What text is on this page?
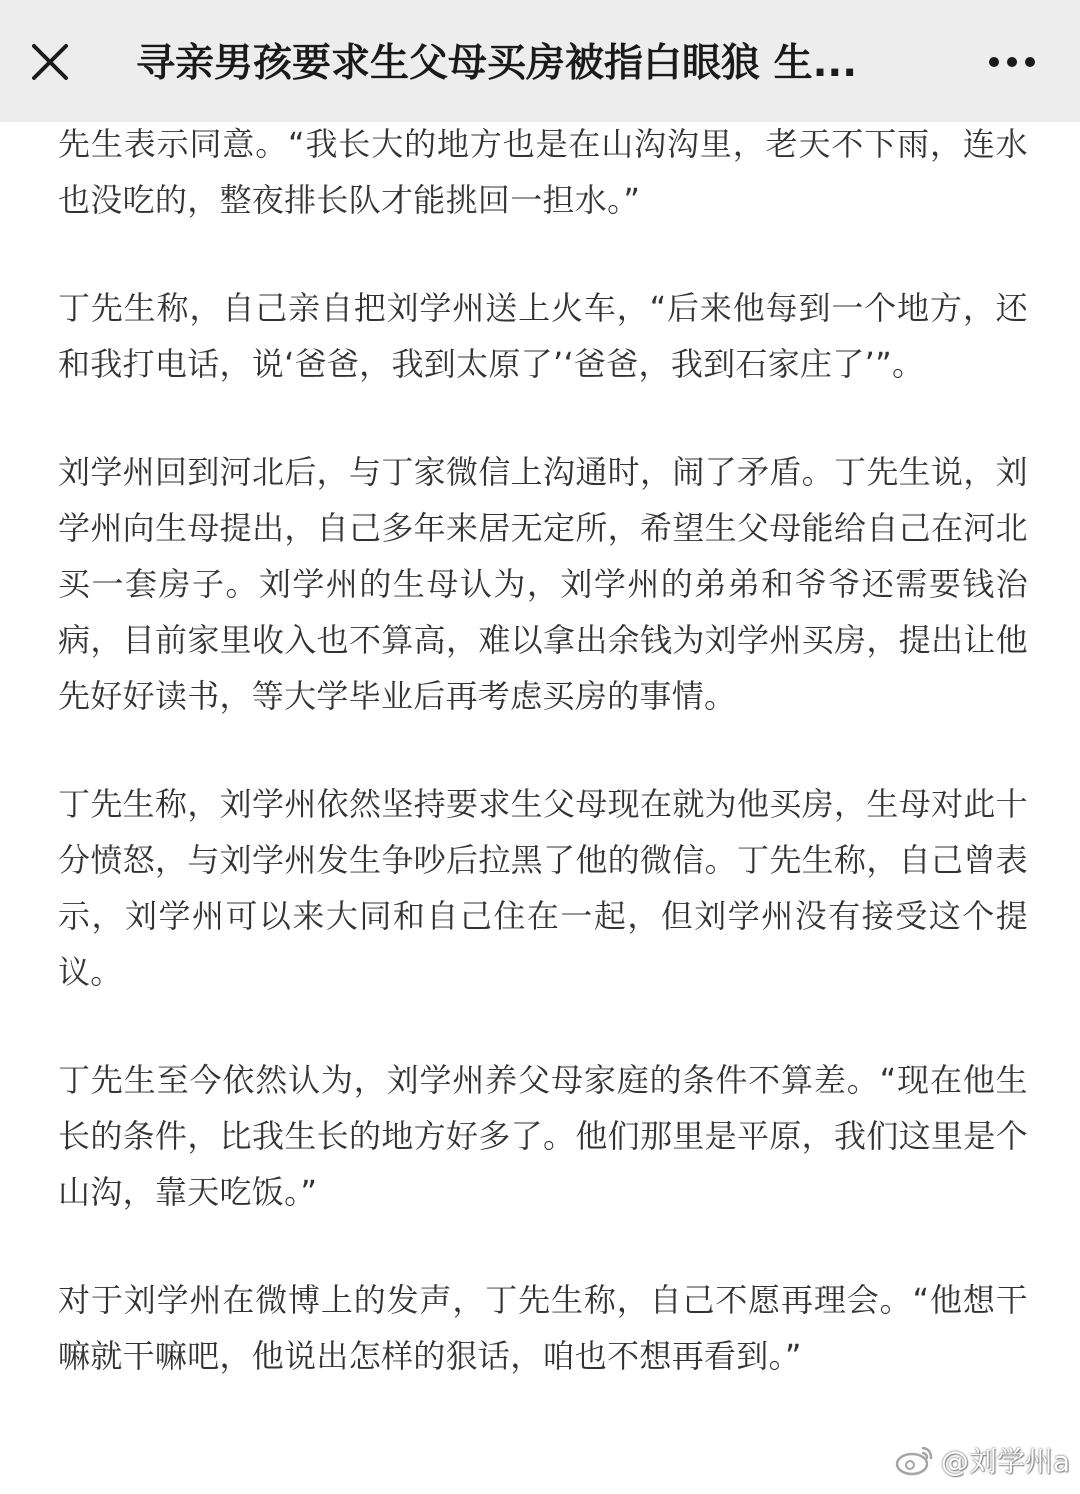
寻亲男孩要求生父母买房被指白眼狼 生...

先生表示同意。“我长大的地方也是在山沟沟里，老天不下雨，连水也没吃的，整夜排长队才能挑回一担水。”

丁先生称，自己亲自把刘学州送上火车，“后来他每到一个地方，还和我打电话，说‘爸爸，我到太原了’‘爸爸，我到石家庄了’”。

刘学州回到河北后，与丁家微信上沟通时，闹了矛盾。丁先生说，刘学州向生母提出，自己多年来居无定所，希望生父母能给自己在河北买一套房子。刘学州的生母认为，刘学州的弟弟和爷爷还需要钱治病，目前家里收入也不算高，难以拿出余钱为刘学州买房，提出让他先好好读书，等大学毕业后再考虑买房的事情。

丁先生称，刘学州依然坚持要求生父母现在就为他买房，生母对此十分愤怒，与刘学州发生争吵后拉黑了他的微信。丁先生称，自己曾表示，刘学州可以来大同和自己住在一起，但刘学州没有接受这个提议。

丁先生至今依然认为，刘学州养父母家庭的条件不算差。“现在他生长的条件，比我生长的地方好多了。他们那里是平原，我们这里是个山沟，靠天吃饭。”

对于刘学州在微博上的发声，丁先生称，自己不愿再理会。“他想干嘛就干嘛吧，他说出怎样的狠话，咱也不想再看到。”

@刘学州a
